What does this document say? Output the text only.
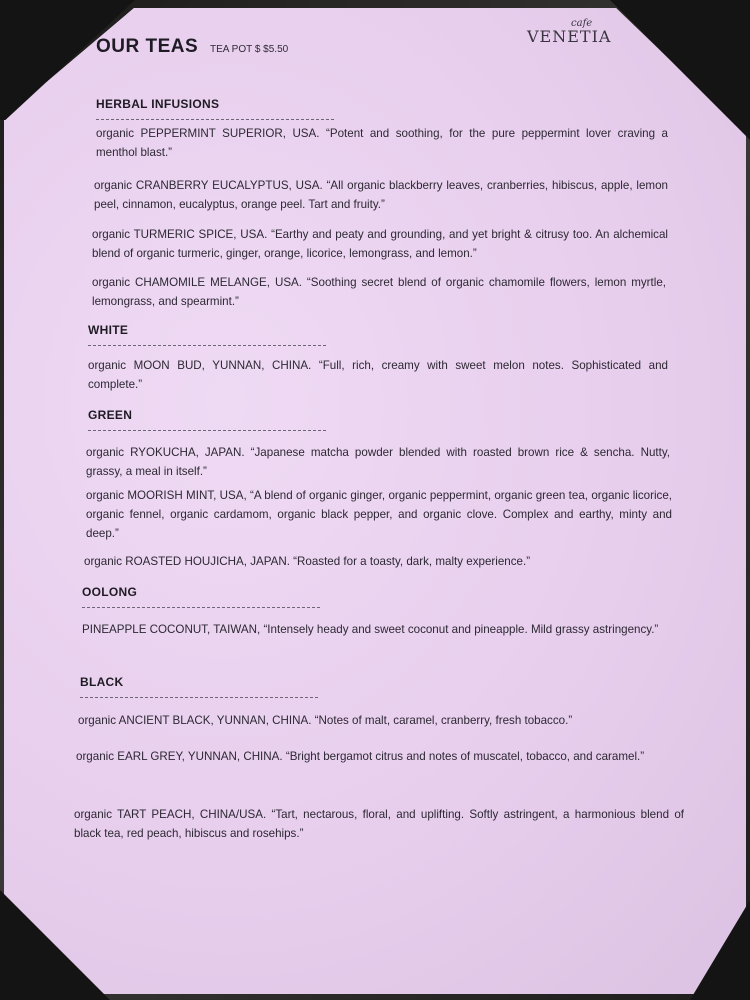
OUR TEAS TEA POT $ $5.50
cafe
VENETIA
HERBAL INFUSIONS
organic PEPPERMINT SUPERIOR, USA. “Potent and soothing, for the pure peppermint lover craving a menthol blast.”
organic CRANBERRY EUCALYPTUS, USA. “All organic blackberry leaves, cranberries, hibiscus, apple, lemon peel, cinnamon, eucalyptus, orange peel. Tart and fruity.”
organic TURMERIC SPICE, USA. “Earthy and peaty and grounding, and yet bright & citrusy too. An alchemical blend of organic turmeric, ginger, orange, licorice, lemongrass, and lemon.”
organic CHAMOMILE MELANGE, USA. “Soothing secret blend of organic chamomile flowers, lemon myrtle, lemongrass, and spearmint.”
WHITE
organic MOON BUD, YUNNAN, CHINA. “Full, rich, creamy with sweet melon notes. Sophisticated and complete.”
GREEN
organic RYOKUCHA, JAPAN. “Japanese matcha powder blended with roasted brown rice & sencha. Nutty, grassy, a meal in itself.”
organic MOORISH MINT, USA, “A blend of organic ginger, organic peppermint, organic green tea, organic licorice, organic fennel, organic cardamom, organic black pepper, and organic clove. Complex and earthy, minty and deep.”
organic ROASTED HOUJICHA, JAPAN. “Roasted for a toasty, dark, malty experience.”
OOLONG
PINEAPPLE COCONUT, TAIWAN, “Intensely heady and sweet coconut and pineapple. Mild grassy astringency.”
BLACK
organic ANCIENT BLACK, YUNNAN, CHINA. “Notes of malt, caramel, cranberry, fresh tobacco.”
organic EARL GREY, YUNNAN, CHINA. “Bright bergamot citrus and notes of muscatel, tobacco, and caramel.”
organic TART PEACH, CHINA/USA. “Tart, nectarous, floral, and uplifting. Softly astringent, a harmonious blend of black tea, red peach, hibiscus and rosehips.”
